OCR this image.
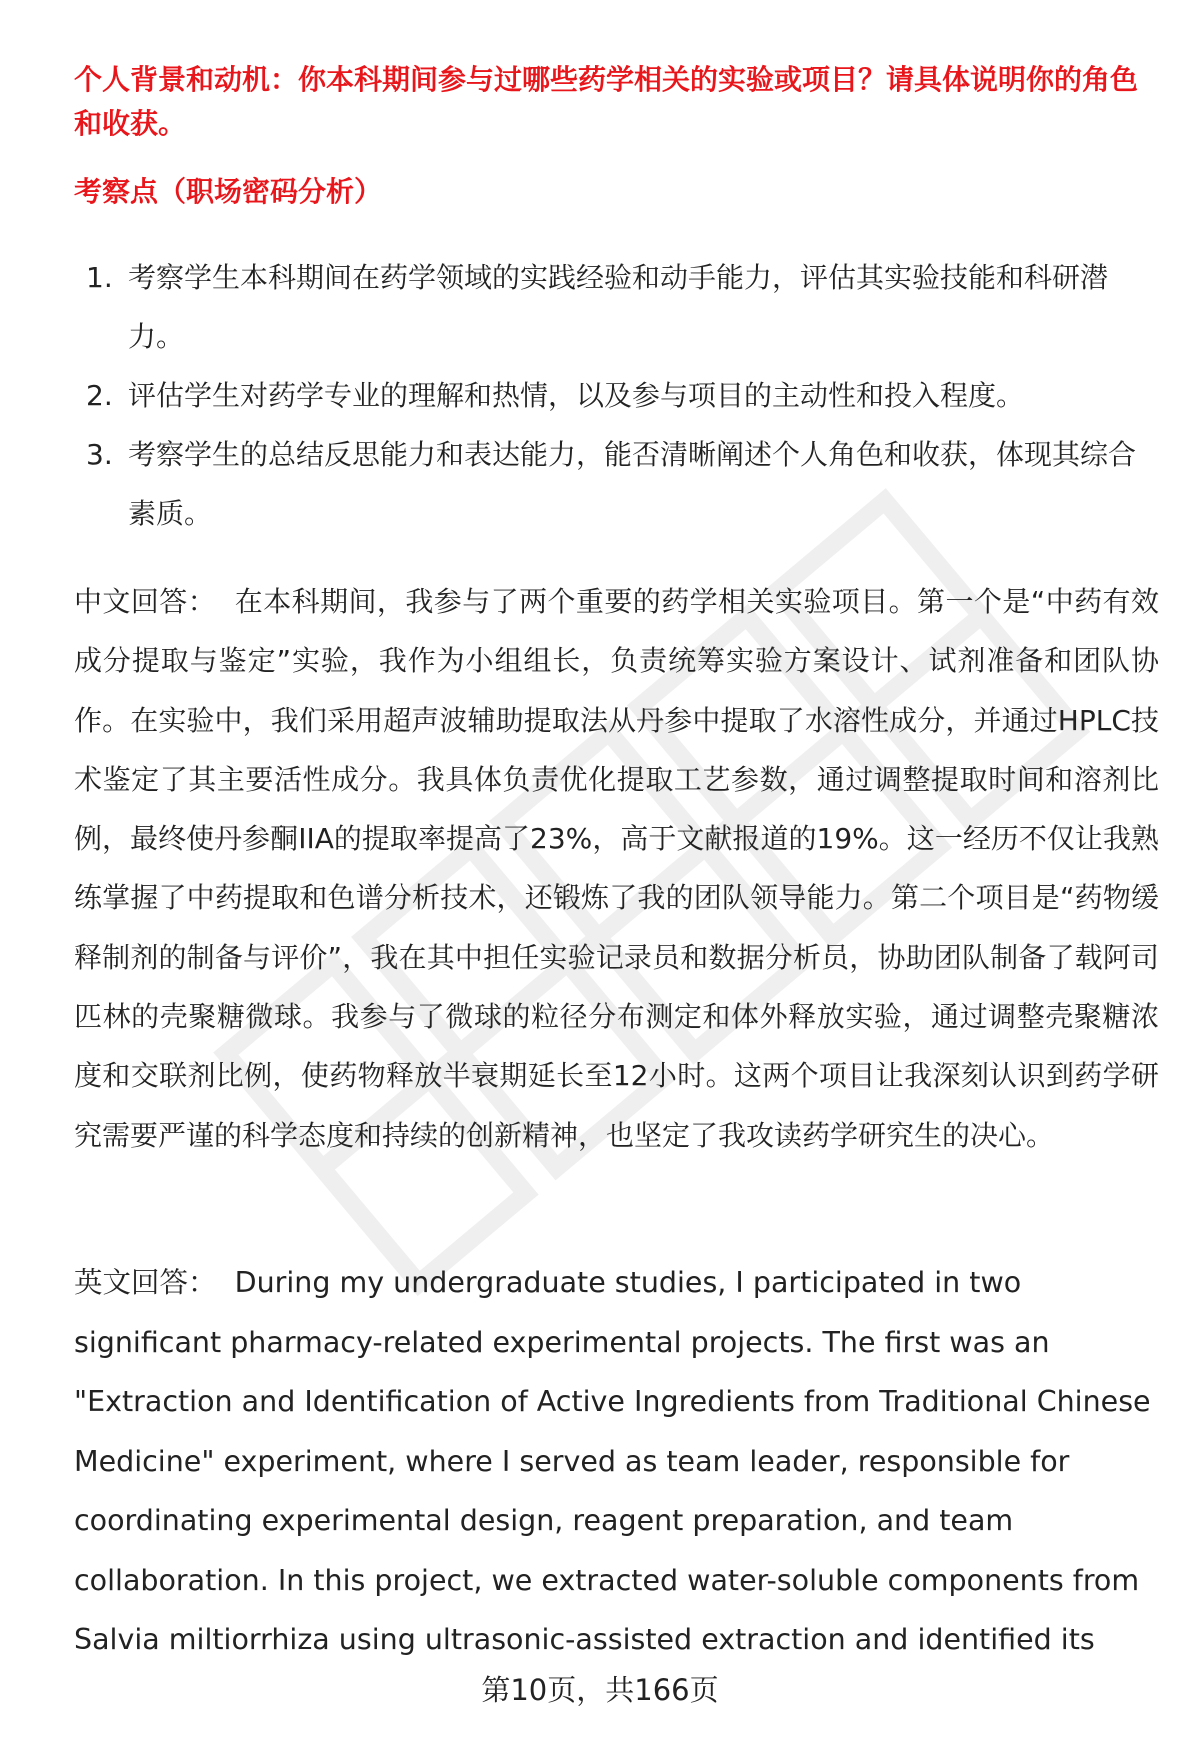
个人背景和动机：你本科期间参与过哪些药学相关的实验或项目？请具体说明你的角色和收获。

考察点（职场密码分析）

1. 考察学生本科期间在药学领域的实践经验和动手能力，评估其实验技能和科研潜力。
2. 评估学生对药学专业的理解和热情，以及参与项目的主动性和投入程度。
3. 考察学生的总结反思能力和表达能力，能否清晰阐述个人角色和收获，体现其综合素质。

中文回答： 在本科期间，我参与了两个重要的药学相关实验项目。第一个是“中药有效成分提取与鉴定”实验，我作为小组组长，负责统筹实验方案设计、试剂准备和团队协作。在实验中，我们采用超声波辅助提取法从丹参中提取了水溶性成分，并通过HPLC技术鉴定了其主要活性成分。我具体负责优化提取工艺参数，通过调整提取时间和溶剂比例，最终使丹参酮IIA的提取率提高了23%，高于文献报道的19%。这一经历不仅让我熟练掌握了中药提取和色谱分析技术，还锻炼了我的团队领导能力。第二个项目是“药物缓释制剂的制备与评价”，我在其中担任实验记录员和数据分析员，协助团队制备了载阿司匹林的壳聚糖微球。我参与了微球的粒径分布测定和体外释放实验，通过调整壳聚糖浓度和交联剂比例，使药物释放半衰期延长至12小时。这两个项目让我深刻认识到药学研究需要严谨的科学态度和持续的创新精神，也坚定了我攻读药学研究生的决心。

英文回答： During my undergraduate studies, I participated in two significant pharmacy-related experimental projects. The first was an "Extraction and Identification of Active Ingredients from Traditional Chinese Medicine" experiment, where I served as team leader, responsible for coordinating experimental design, reagent preparation, and team collaboration. In this project, we extracted water-soluble components from Salvia miltiorrhiza using ultrasonic-assisted extraction and identified its

第10页，共166页
